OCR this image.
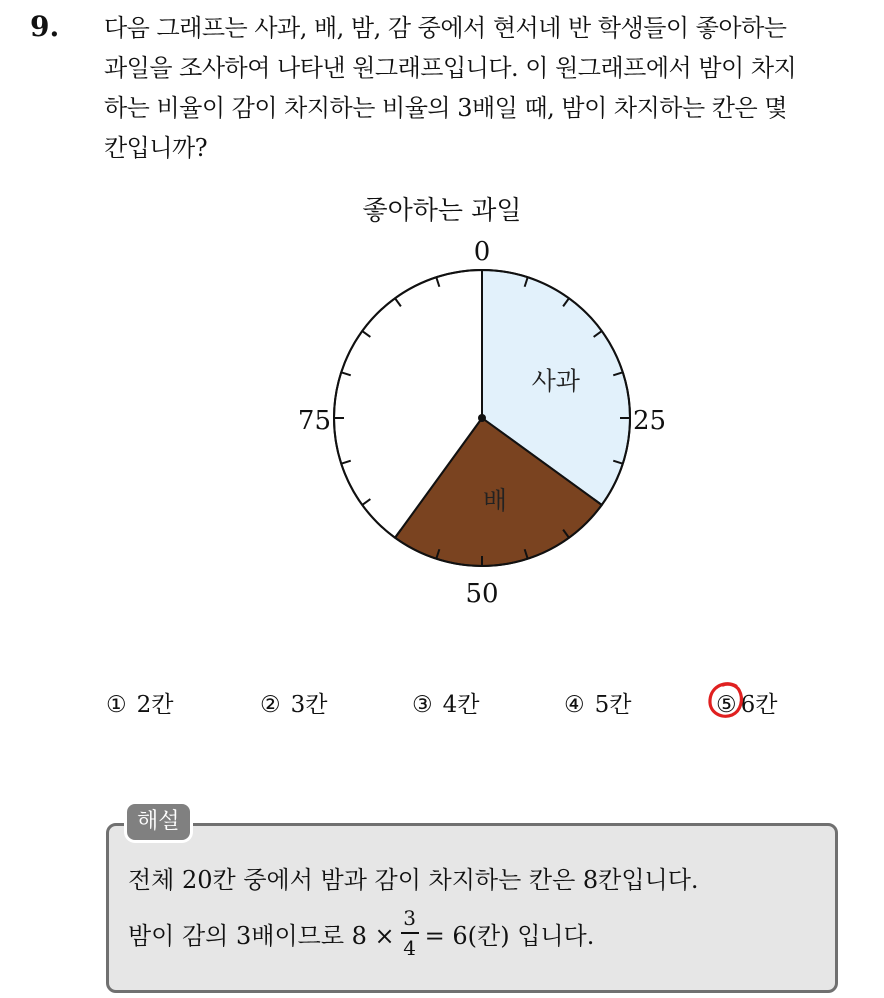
9. 다음 그래프는 사과, 배, 밤, 감 중에서 현서네 반 학생들이 좋아하는
과일을 조사하여 나타낸 원그래프입니다. 이 원그래프에서 밤이 차지
하는 비율이 감이 차지하는 비율의 3배일 때, 밤이 차지하는 칸은 몇
칸입니까?
좋아하는 과일
사과
배
0
25
50
75
① 2칸	② 3칸	③ 4칸	④ 5칸	⑤ 6칸
해설
전체 20칸 중에서 밤과 감이 차지하는 칸은 8칸입니다.
밤이 감의 3배이므로 $8 \times \frac{3}{4} = 6$(칸) 입니다.
